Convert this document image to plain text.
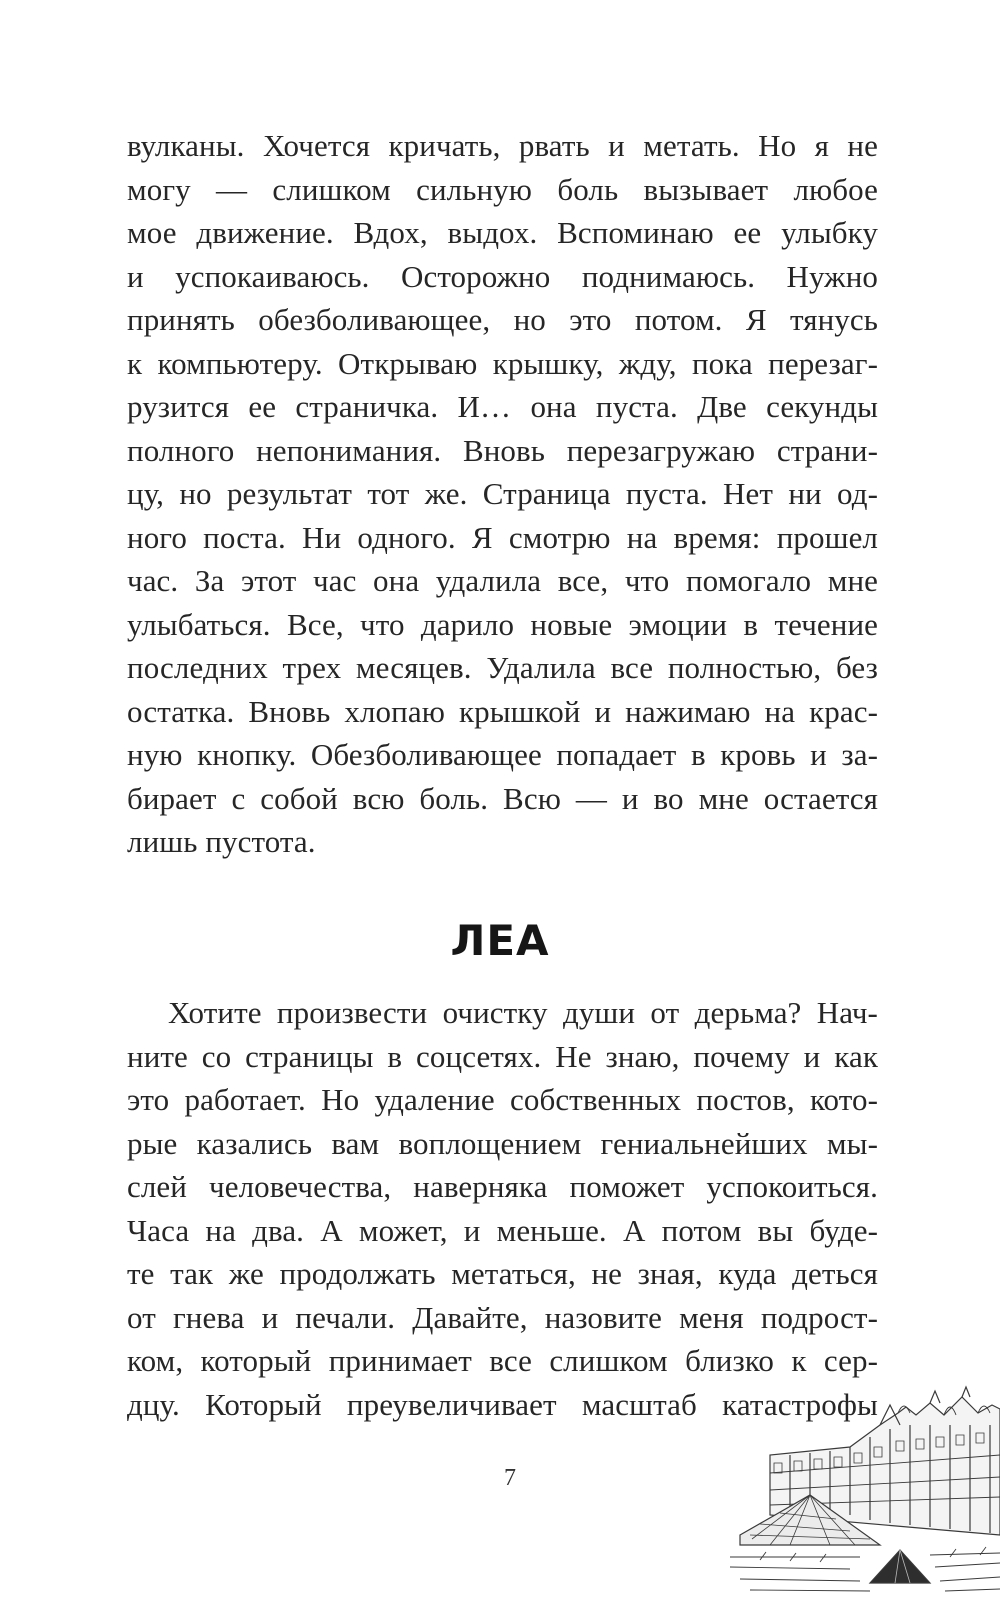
вулканы. Хочется кричать, рвать и метать. Но я не
могу — слишком сильную боль вызывает любое
мое движение. Вдох, выдох. Вспоминаю ее улыбку
и успокаиваюсь. Осторожно поднимаюсь. Нужно
принять обезболивающее, но это потом. Я тянусь
к компьютеру. Открываю крышку, жду, пока перезаг-
рузится ее страничка. И… она пуста. Две секунды
полного непонимания. Вновь перезагружаю страни-
цу, но результат тот же. Страница пуста. Нет ни од-
ного поста. Ни одного. Я смотрю на время: прошел
час. За этот час она удалила все, что помогало мне
улыбаться. Все, что дарило новые эмоции в течение
последних трех месяцев. Удалила все полностью, без
остатка. Вновь хлопаю крышкой и нажимаю на крас-
ную кнопку. Обезболивающее попадает в кровь и за-
бирает с собой всю боль. Всю — и во мне остается
лишь пустота.
ЛЕА
Хотите произвести очистку души от дерьма? Нач-
ните со страницы в соцсетях. Не знаю, почему и как
это работает. Но удаление собственных постов, кото-
рые казались вам воплощением гениальнейших мы-
слей человечества, наверняка поможет успокоиться.
Часа на два. А может, и меньше. А потом вы буде-
те так же продолжать метаться, не зная, куда деться
от гнева и печали. Давайте, назовите меня подрост-
ком, который принимает все слишком близко к сер-
дцу. Который преувеличивает масштаб катастрофы
7
